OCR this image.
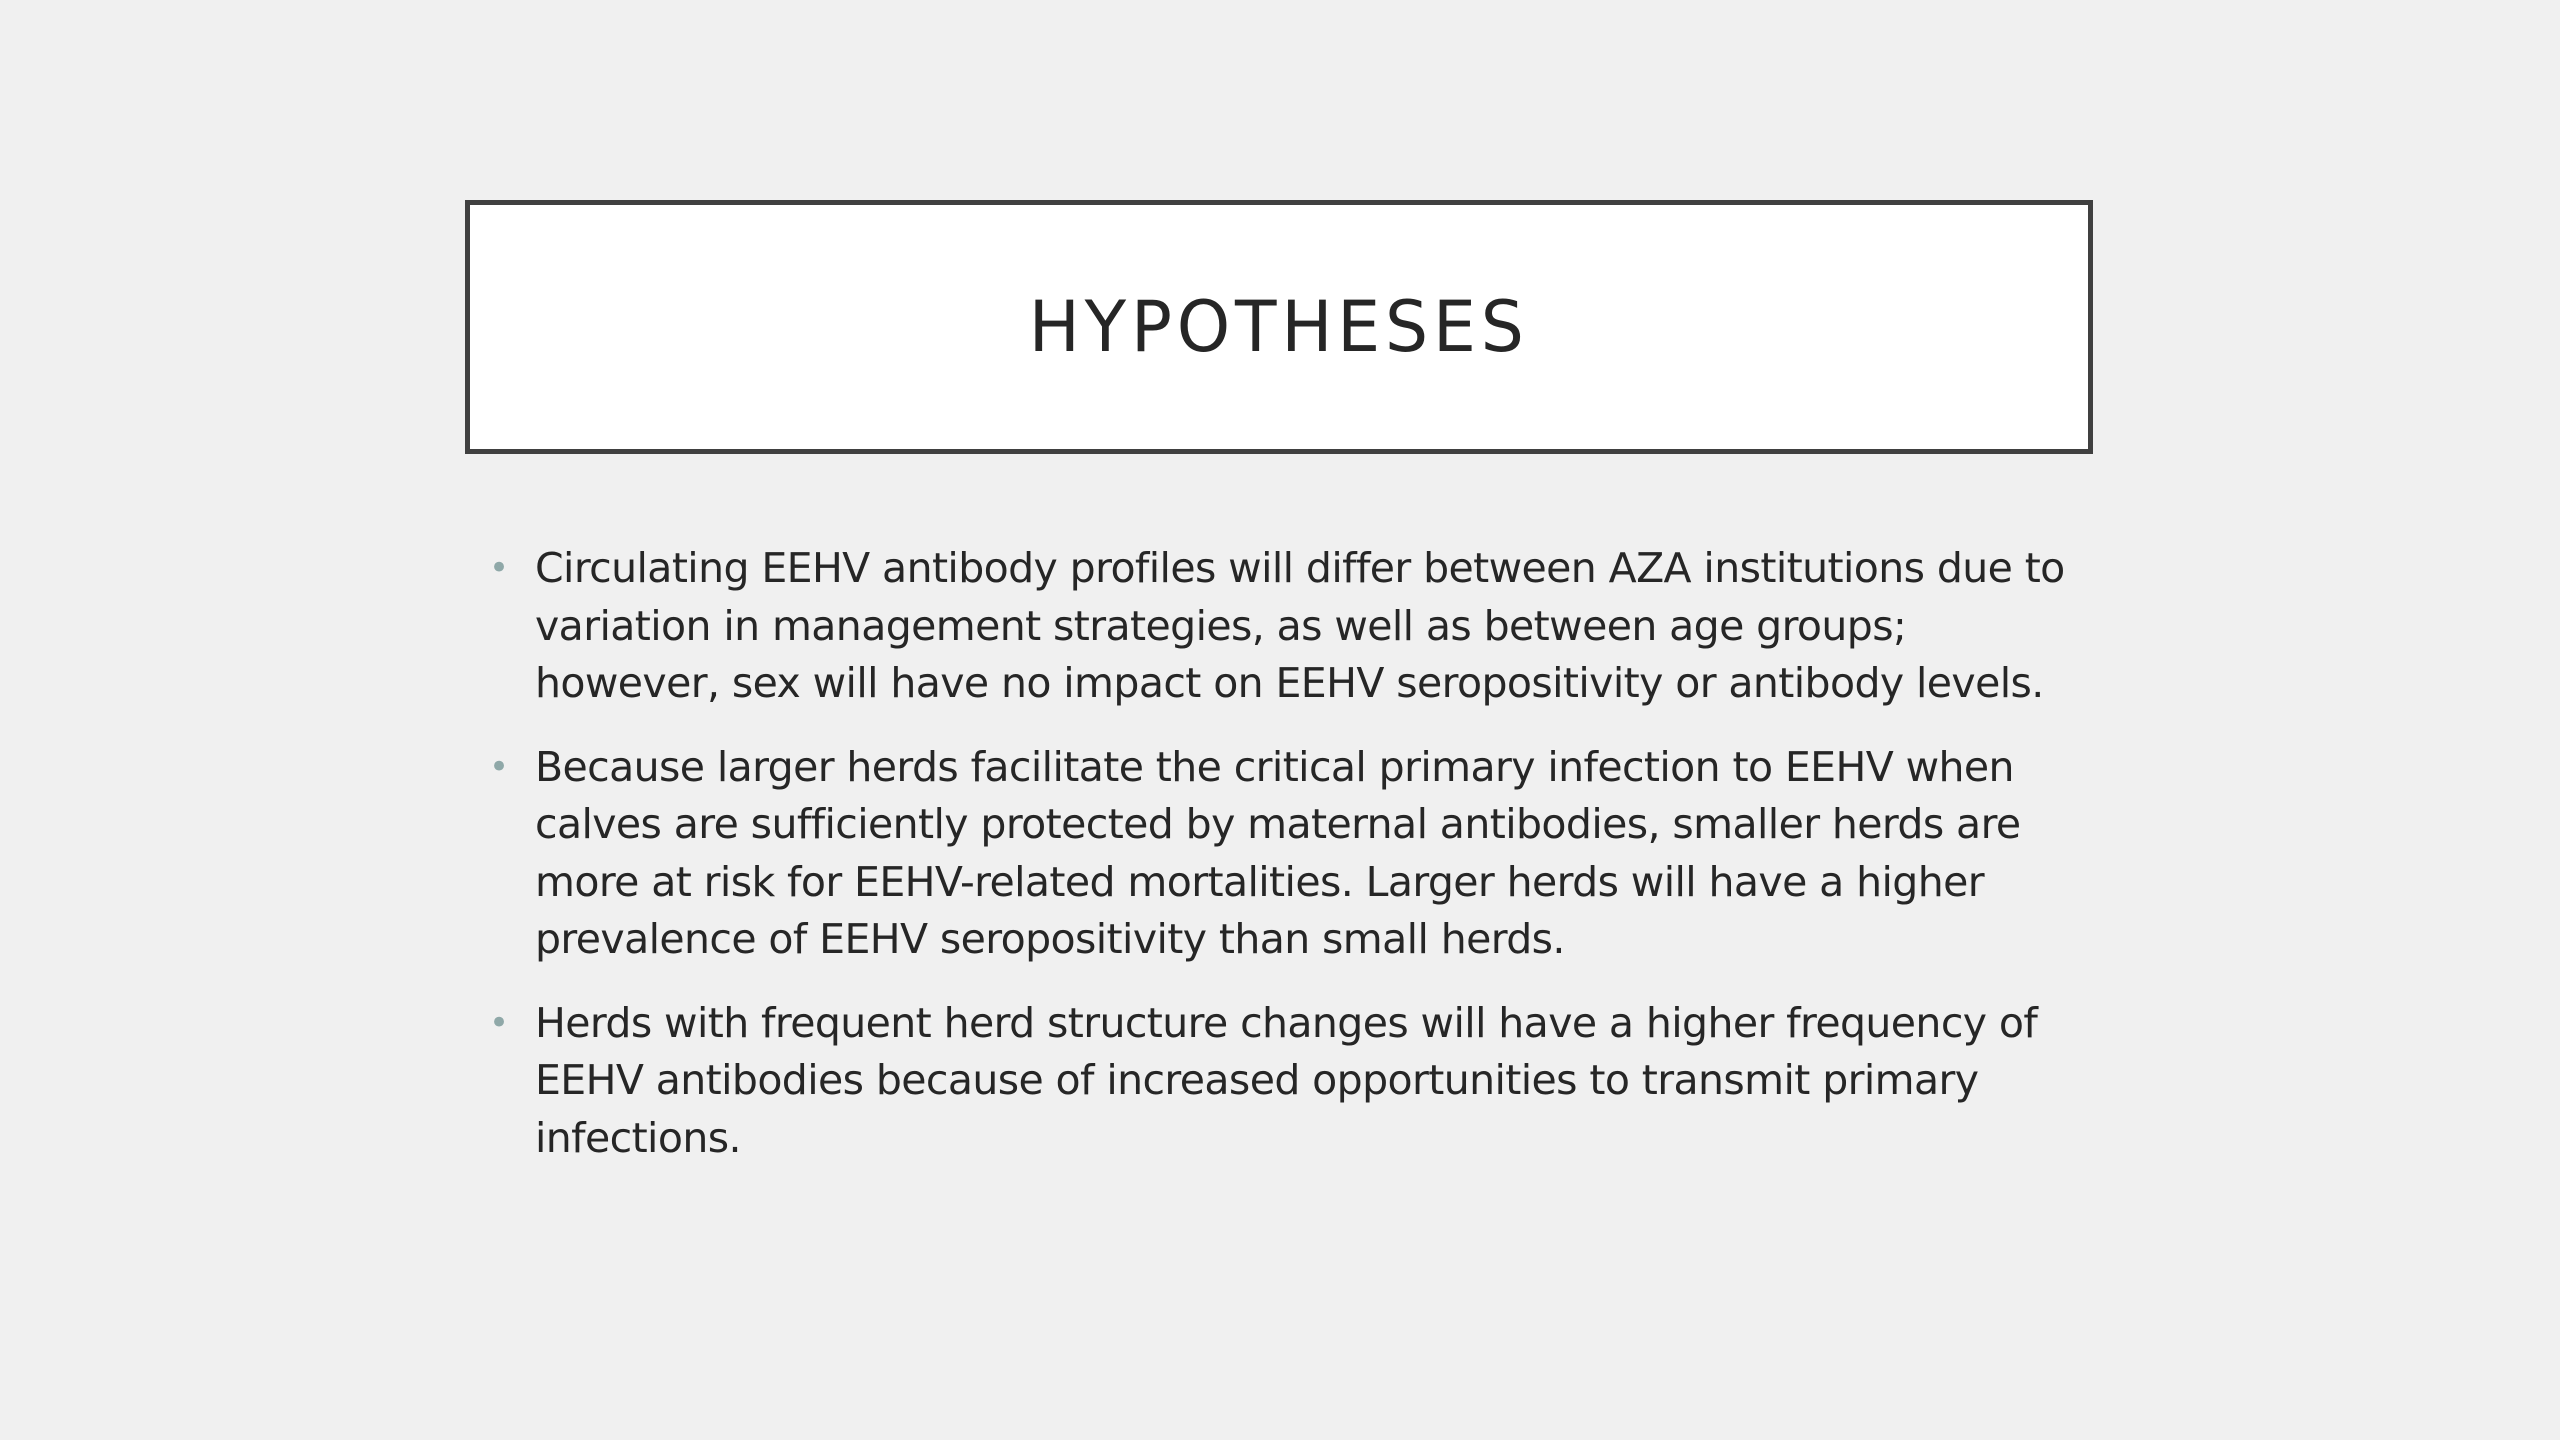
HYPOTHESES
• Circulating EEHV antibody profiles will differ between AZA institutions due to variation in management strategies, as well as between age groups; however, sex will have no impact on EEHV seropositivity or antibody levels.
• Because larger herds facilitate the critical primary infection to EEHV when calves are sufficiently protected by maternal antibodies, smaller herds are more at risk for EEHV-related mortalities. Larger herds will have a higher prevalence of EEHV seropositivity than small herds.
• Herds with frequent herd structure changes will have a higher frequency of EEHV antibodies because of increased opportunities to transmit primary infections.
